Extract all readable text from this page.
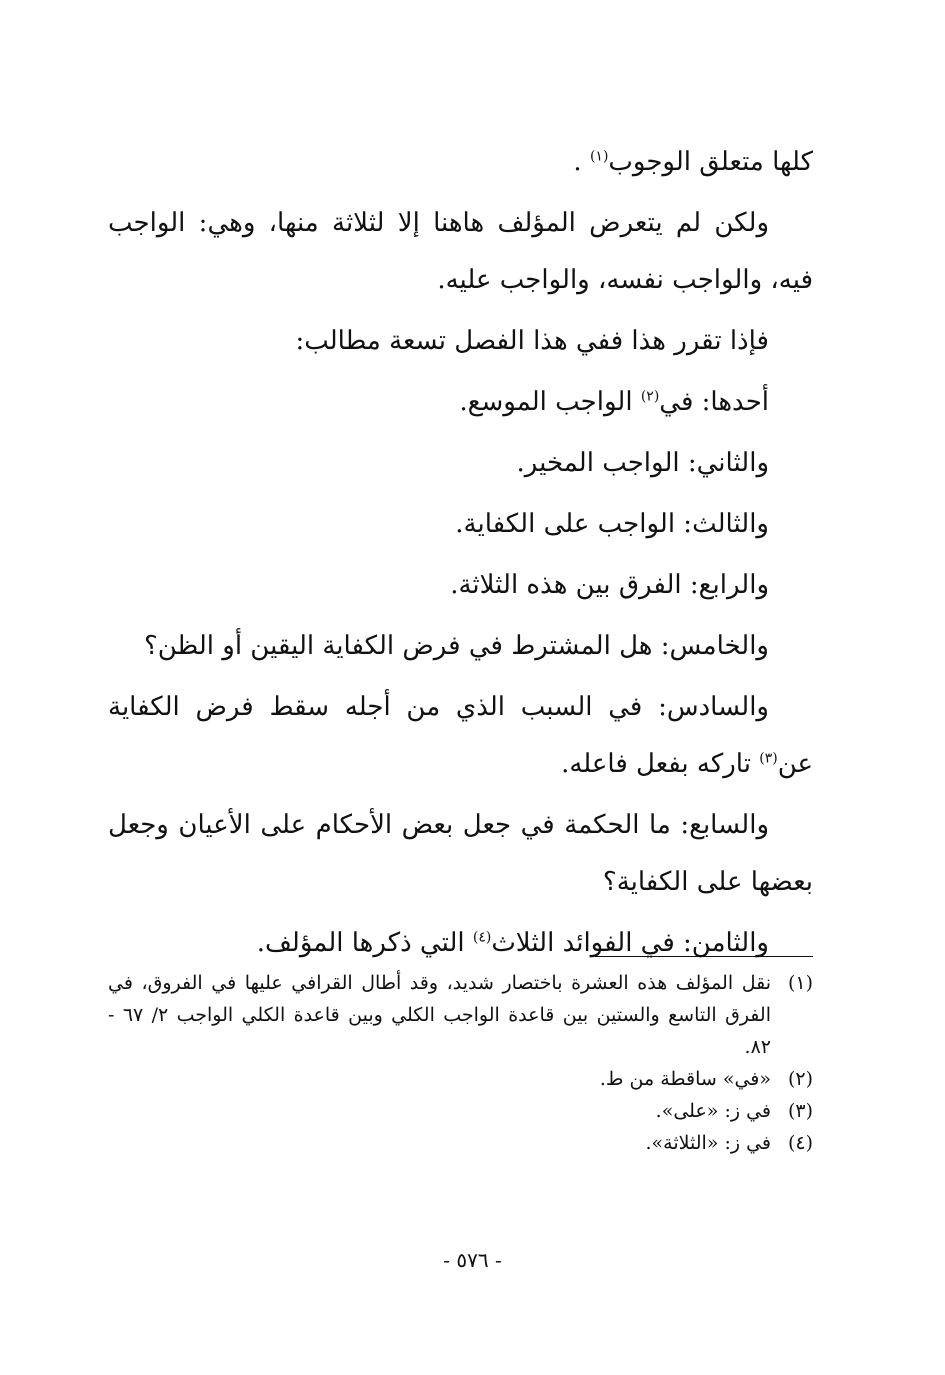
كلها متعلق الوجوب$^{(١)}$ .

ولكن لم يتعرض المؤلف هاهنا إلا لثلاثة منها، وهي: الواجب فيه، والواجب نفسه، والواجب عليه.

فإذا تقرر هذا ففي هذا الفصل تسعة مطالب:

أحدها: في$^{(٢)}$ الواجب الموسع.

والثاني: الواجب المخير.

والثالث: الواجب على الكفاية.

والرابع: الفرق بين هذه الثلاثة.

والخامس: هل المشترط في فرض الكفاية اليقين أو الظن؟

والسادس: في السبب الذي من أجله سقط فرض الكفاية عن$^{(٣)}$ تاركه بفعل فاعله.

والسابع: ما الحكمة في جعل بعض الأحكام على الأعيان وجعل بعضها على الكفاية؟

والثامن: في الفوائد الثلاث$^{(٤)}$ التي ذكرها المؤلف.

(١)
نقل المؤلف هذه العشرة باختصار شديد، وقد أطال القرافي عليها في الفروق، في الفرق التاسع والستين بين قاعدة الواجب الكلي وبين قاعدة الكلي الواجب ٢/ ٦٧ - ٨٢.
(٢)
«في» ساقطة من ط.
(٣)
في ز: «على».
(٤)
في ز: «الثلاثة».
- ٥٧٦ -
